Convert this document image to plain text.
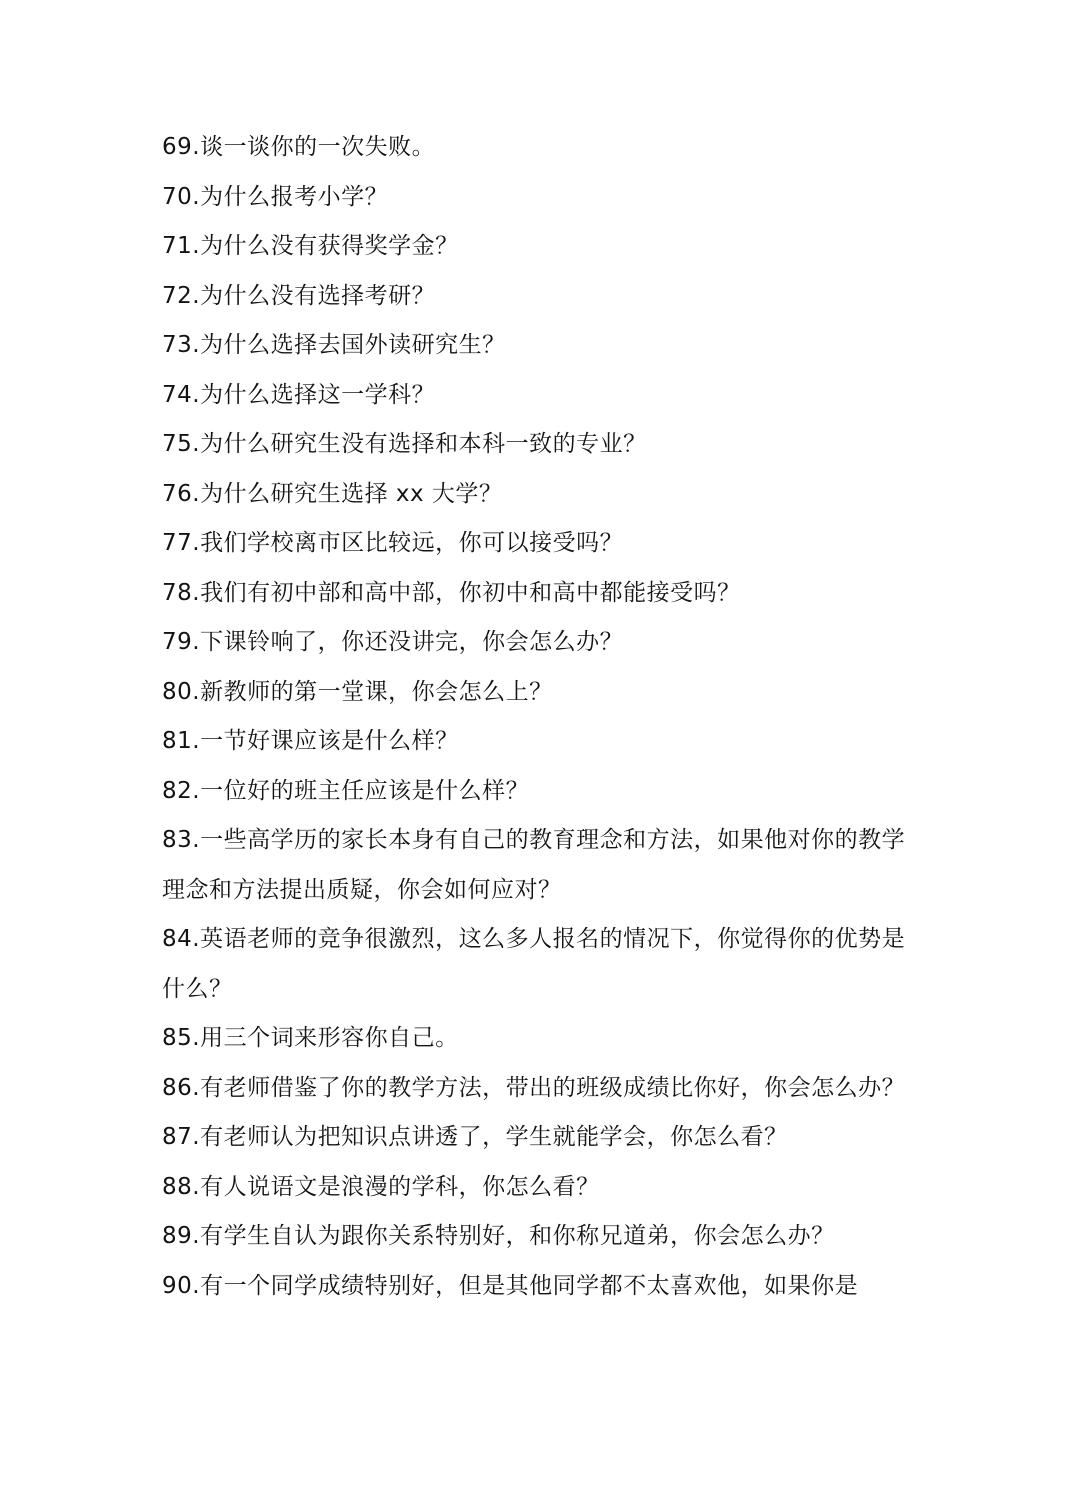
69.谈一谈你的一次失败。

70.为什么报考小学？

71.为什么没有获得奖学金？

72.为什么没有选择考研？

73.为什么选择去国外读研究生？

74.为什么选择这一学科？

75.为什么研究生没有选择和本科一致的专业？

76.为什么研究生选择 xx 大学？

77.我们学校离市区比较远，你可以接受吗？

78.我们有初中部和高中部，你初中和高中都能接受吗？

79.下课铃响了，你还没讲完，你会怎么办？

80.新教师的第一堂课，你会怎么上？

81.一节好课应该是什么样？

82.一位好的班主任应该是什么样？

83.一些高学历的家长本身有自己的教育理念和方法，如果他对你的教学理念和方法提出质疑，你会如何应对？

84.英语老师的竞争很激烈，这么多人报名的情况下，你觉得你的优势是什么？

85.用三个词来形容你自己。

86.有老师借鉴了你的教学方法，带出的班级成绩比你好，你会怎么办？

87.有老师认为把知识点讲透了，学生就能学会，你怎么看？

88.有人说语文是浪漫的学科，你怎么看？

89.有学生自认为跟你关系特别好，和你称兄道弟，你会怎么办？

90.有一个同学成绩特别好，但是其他同学都不太喜欢他，如果你是
